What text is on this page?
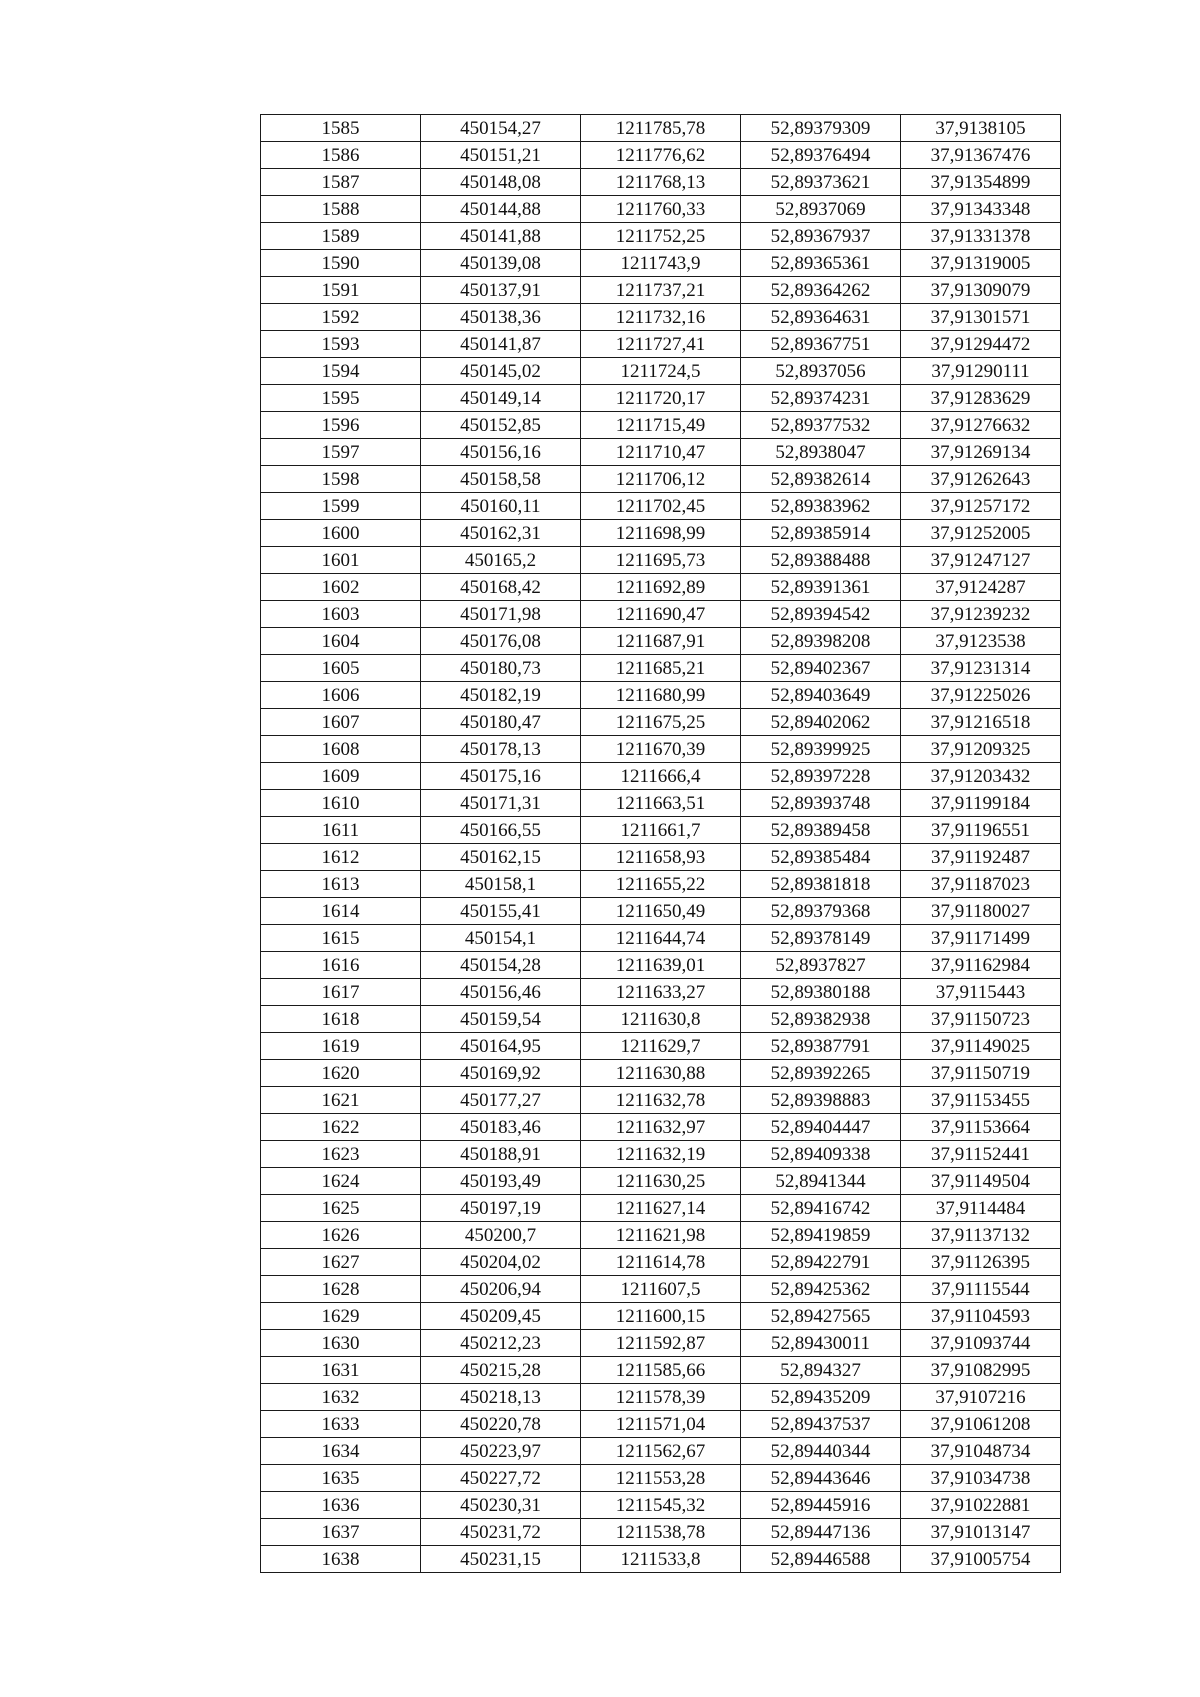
1585	450154,27	1211785,78	52,89379309	37,9138105
1586	450151,21	1211776,62	52,89376494	37,91367476
1587	450148,08	1211768,13	52,89373621	37,91354899
1588	450144,88	1211760,33	52,8937069	37,91343348
1589	450141,88	1211752,25	52,89367937	37,91331378
1590	450139,08	1211743,9	52,89365361	37,91319005
1591	450137,91	1211737,21	52,89364262	37,91309079
1592	450138,36	1211732,16	52,89364631	37,91301571
1593	450141,87	1211727,41	52,89367751	37,91294472
1594	450145,02	1211724,5	52,8937056	37,91290111
1595	450149,14	1211720,17	52,89374231	37,91283629
1596	450152,85	1211715,49	52,89377532	37,91276632
1597	450156,16	1211710,47	52,8938047	37,91269134
1598	450158,58	1211706,12	52,89382614	37,91262643
1599	450160,11	1211702,45	52,89383962	37,91257172
1600	450162,31	1211698,99	52,89385914	37,91252005
1601	450165,2	1211695,73	52,89388488	37,91247127
1602	450168,42	1211692,89	52,89391361	37,9124287
1603	450171,98	1211690,47	52,89394542	37,91239232
1604	450176,08	1211687,91	52,89398208	37,9123538
1605	450180,73	1211685,21	52,89402367	37,91231314
1606	450182,19	1211680,99	52,89403649	37,91225026
1607	450180,47	1211675,25	52,89402062	37,91216518
1608	450178,13	1211670,39	52,89399925	37,91209325
1609	450175,16	1211666,4	52,89397228	37,91203432
1610	450171,31	1211663,51	52,89393748	37,91199184
1611	450166,55	1211661,7	52,89389458	37,91196551
1612	450162,15	1211658,93	52,89385484	37,91192487
1613	450158,1	1211655,22	52,89381818	37,91187023
1614	450155,41	1211650,49	52,89379368	37,91180027
1615	450154,1	1211644,74	52,89378149	37,91171499
1616	450154,28	1211639,01	52,8937827	37,91162984
1617	450156,46	1211633,27	52,89380188	37,9115443
1618	450159,54	1211630,8	52,89382938	37,91150723
1619	450164,95	1211629,7	52,89387791	37,91149025
1620	450169,92	1211630,88	52,89392265	37,91150719
1621	450177,27	1211632,78	52,89398883	37,91153455
1622	450183,46	1211632,97	52,89404447	37,91153664
1623	450188,91	1211632,19	52,89409338	37,91152441
1624	450193,49	1211630,25	52,8941344	37,91149504
1625	450197,19	1211627,14	52,89416742	37,9114484
1626	450200,7	1211621,98	52,89419859	37,91137132
1627	450204,02	1211614,78	52,89422791	37,91126395
1628	450206,94	1211607,5	52,89425362	37,91115544
1629	450209,45	1211600,15	52,89427565	37,91104593
1630	450212,23	1211592,87	52,89430011	37,91093744
1631	450215,28	1211585,66	52,894327	37,91082995
1632	450218,13	1211578,39	52,89435209	37,9107216
1633	450220,78	1211571,04	52,89437537	37,91061208
1634	450223,97	1211562,67	52,89440344	37,91048734
1635	450227,72	1211553,28	52,89443646	37,91034738
1636	450230,31	1211545,32	52,89445916	37,91022881
1637	450231,72	1211538,78	52,89447136	37,91013147
1638	450231,15	1211533,8	52,89446588	37,91005754
